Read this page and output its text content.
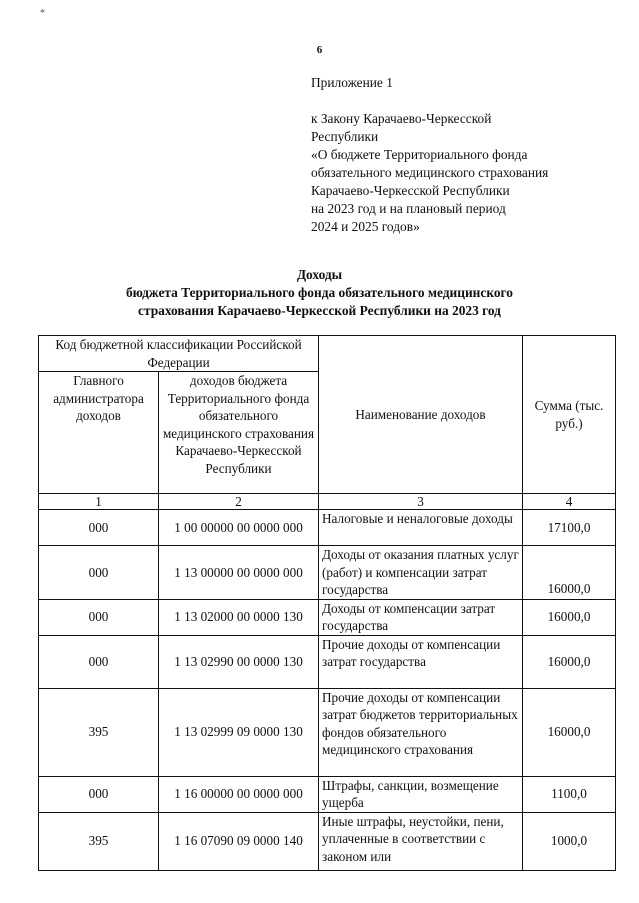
*
6
Приложение 1
к Закону Карачаево-Черкесской
Республики
«О бюджете Территориального фонда
обязательного медицинского страхования
Карачаево-Черкесской Республики
на 2023 год и на плановый период
2024 и 2025 годов»
Доходы
бюджета Территориального фонда обязательного медицинского
страхования Карачаево-Черкесской Республики на 2023 год
Код бюджетной классификации Российской Федерации		Наименование доходов	Сумма (тыс. руб.)
Главного администратора доходов	доходов бюджета Территориального фонда обязательного медицинского страхования Карачаево-Черкесской Республики		
1	2	3	4
000	1 00 00000 00 0000 000	Налоговые и неналоговые доходы	17100,0
000	1 13 00000 00 0000 000	Доходы от оказания платных услуг (работ) и компенсации затрат государства	16000,0
000	1 13 02000 00 0000 130	Доходы от компенсации затрат государства	16000,0
000	1 13 02990 00 0000 130	Прочие доходы от компенсации затрат государства	16000,0
395	1 13 02999 09 0000 130	Прочие доходы от компенсации затрат бюджетов территориальных фондов обязательного медицинского страхования	16000,0
000	1 16 00000 00 0000 000	Штрафы, санкции, возмещение ущерба	1100,0
395	1 16 07090 09 0000 140	Иные штрафы, неустойки, пени, уплаченные в соответствии с законом или	1000,0
